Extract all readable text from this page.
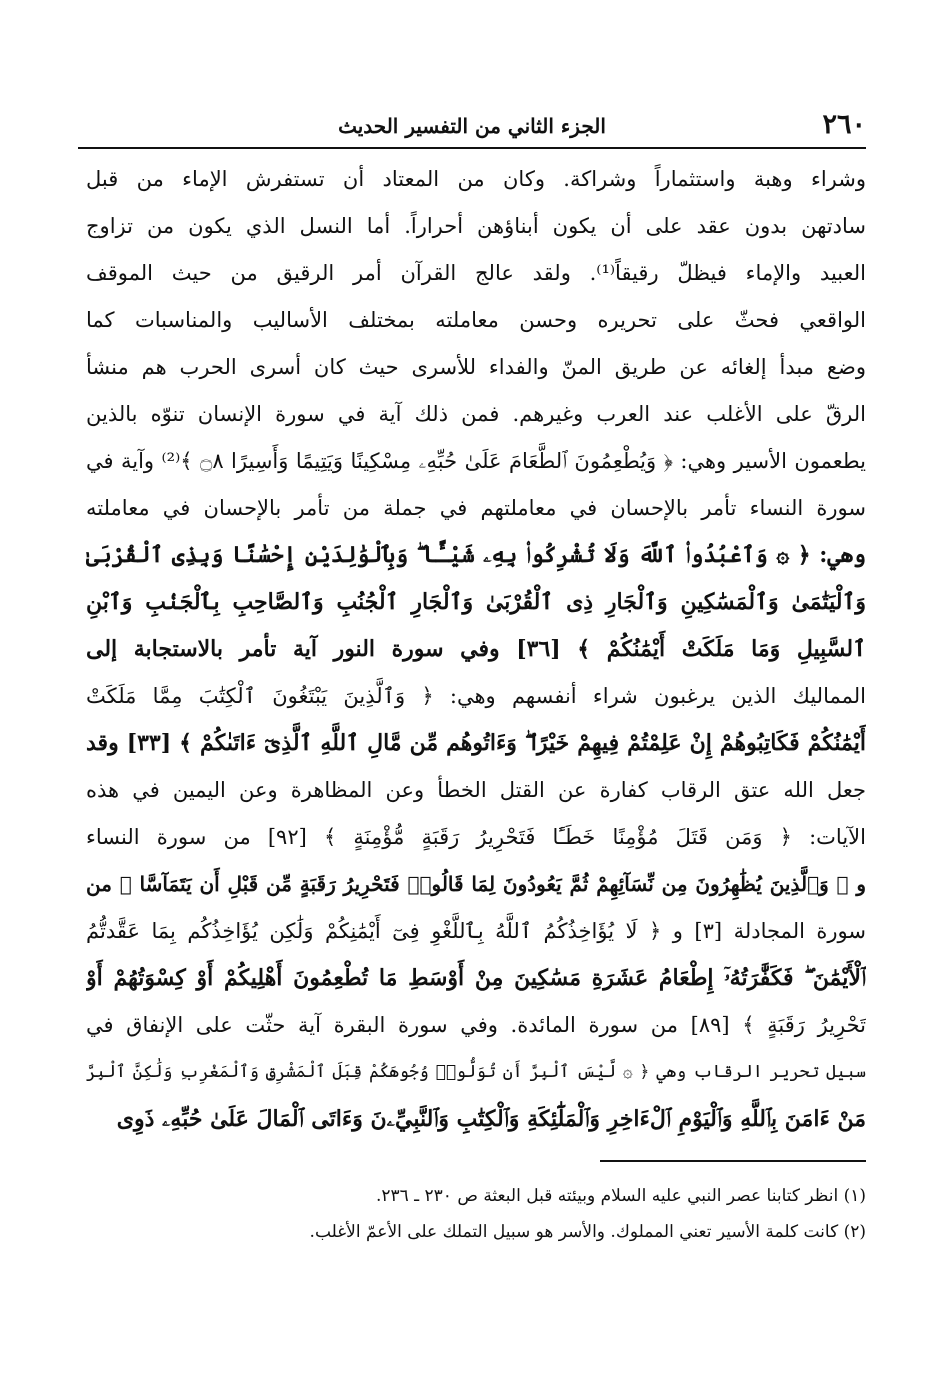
٢٦٠
الجزء الثاني من التفسير الحديث
وشراء وهبة واستثماراً وشراكة. وكان من المعتاد أن تستفرش الإماء من قبل
سادتهن بدون عقد على أن يكون أبناؤهن أحراراً. أما النسل الذي يكون من تزاوج
العبيد والإماء فيظلّ رقيقاً⁽¹⁾. ولقد عالج القرآن أمر الرقيق من حيث الموقف
الواقعي فحثّ على تحريره وحسن معاملته بمختلف الأساليب والمناسبات كما
وضع مبدأ إلغائه عن طريق المنّ والفداء للأسرى حيث كان أسرى الحرب هم منشأ
الرقّ على الأغلب عند العرب وغيرهم. فمن ذلك آية في سورة الإنسان تنوّه بالذين
يطعمون الأسير وهي: ﴿ وَيُطْعِمُونَ ٱلطَّعَامَ عَلَىٰ حُبِّهِۦ مِسْكِينًا وَيَتِيمًا وَأَسِيرًا ۝٨ ﴾⁽²⁾ وآية في
سورة النساء تأمر بالإحسان في معاملتهم في جملة من تأمر بالإحسان في معاملته
وهي: ﴿ ۞ وَٱعْبُدُوا۟ ٱللَّهَ وَلَا تُشْرِكُوا۟ بِهِۦ شَيْـًٔا ۖ وَبِٱلْوَٰلِدَيْنِ إِحْسَٰنًا وَبِذِى ٱلْقُرْبَىٰ
وَٱلْيَتَٰمَىٰ وَٱلْمَسَٰكِينِ وَٱلْجَارِ ذِى ٱلْقُرْبَىٰ وَٱلْجَارِ ٱلْجُنُبِ وَٱلصَّاحِبِ بِٱلْجَنۢبِ وَٱبْنِ
ٱلسَّبِيلِ وَمَا مَلَكَتْ أَيْمَٰنُكُمْ ﴾ [٣٦] وفي سورة النور آية تأمر بالاستجابة إلى
المماليك الذين يرغبون شراء أنفسهم وهي: ﴿ وَٱلَّذِينَ يَبْتَغُونَ ٱلْكِتَٰبَ مِمَّا مَلَكَتْ
أَيْمَٰنُكُمْ فَكَاتِبُوهُمْ إِنْ عَلِمْتُمْ فِيهِمْ خَيْرًا ۖ وَءَاتُوهُم مِّن مَّالِ ٱللَّهِ ٱلَّذِىٓ ءَاتَىٰكُمْ ﴾ [٣٣] وقد
جعل الله عتق الرقاب كفارة عن القتل الخطأ وعن المظاهرة وعن اليمين في هذه
الآيات: ﴿ وَمَن قَتَلَ مُؤْمِنًا خَطَـًٔا فَتَحْرِيرُ رَقَبَةٍ مُّؤْمِنَةٍ ﴾ [٩٢] من سورة النساء
و ﴿ وَٱلَّذِينَ يُظَٰهِرُونَ مِن نِّسَآئِهِمْ ثُمَّ يَعُودُونَ لِمَا قَالُوا۟ فَتَحْرِيرُ رَقَبَةٍ مِّن قَبْلِ أَن يَتَمَآسَّا ﴾ من
سورة المجادلة [٣] و ﴿ لَا يُؤَاخِذُكُمُ ٱللَّهُ بِٱللَّغْوِ فِىٓ أَيْمَٰنِكُمْ وَلَٰكِن يُؤَاخِذُكُم بِمَا عَقَّدتُّمُ
ٱلْأَيْمَٰنَ ۖ فَكَفَّٰرَتُهُۥٓ إِطْعَامُ عَشَرَةِ مَسَٰكِينَ مِنْ أَوْسَطِ مَا تُطْعِمُونَ أَهْلِيكُمْ أَوْ كِسْوَتُهُمْ أَوْ
تَحْرِيرُ رَقَبَةٍ ﴾ [٨٩] من سورة المائدة. وفي سورة البقرة آية حثّت على الإنفاق في
سبيل تحرير الرقاب وهي ﴿ ۞ لَّيْسَ ٱلْبِرَّ أَن تُوَلُّوا۟ وُجُوهَكُمْ قِبَلَ ٱلْمَشْرِقِ وَٱلْمَغْرِبِ وَلَٰكِنَّ ٱلْبِرَّ
مَنْ ءَامَنَ بِٱللَّهِ وَٱلْيَوْمِ ٱلْءَاخِرِ وَٱلْمَلَٰٓئِكَةِ وَٱلْكِتَٰبِ وَٱلنَّبِيِّۦنَ وَءَاتَى ٱلْمَالَ عَلَىٰ حُبِّهِۦ ذَوِى
(١) انظر كتابنا عصر النبي عليه السلام وبيئته قبل البعثة ص ٢٣٠ ـ ٢٣٦.
(٢) كانت كلمة الأسير تعني المملوك. والأسر هو سبيل التملك على الأعمّ الأغلب.
